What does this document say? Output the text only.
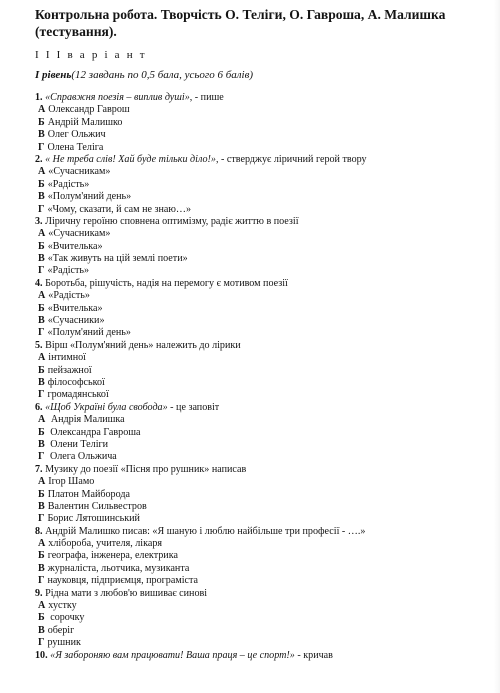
Контрольна робота. Творчість О. Теліги, О. Гавроша, А. Малишка (тестування).
І І І в а р і а н т
І рівень(12 завдань по 0,5 бала, усього 6 балів)
1. «Справжня поезія – виплив душі», - пише
А Олександр Гаврош
Б Андрій Малишко
В Олег Ольжич
Г Олена Теліга
2. « Не треба слів! Хай буде тільки діло!», - стверджує ліричний герой твору
А «Сучасникам»
Б «Радість»
В «Полум'яний день»
Г «Чому, сказати, й сам не знаю…»
3. Ліричну героїню сповнена оптимізму, радіє життю в поезії
А «Сучасникам»
Б «Вчителька»
В «Так живуть на цій землі поети»
Г «Радість»
4. Боротьба, рішучість, надія на перемогу є мотивом поезії
А «Радість»
Б «Вчителька»
В «Сучасники»
Г «Полум'яний день»
5. Вірш «Полум'яний день» належить до лірики
А інтимної
Б пейзажної
В філософської
Г громадянської
6. «Щоб Україні була свобода» - це заповіт
А Андрія Малишка
Б Олександра Гавроша
В Олени Теліги
Г Олега Ольжича
7. Музику до поезії «Пісня про рушник» написав
А Ігор Шамо
Б Платон Майборода
В Валентин Сильвестров
Г Борис Лятошинський
8. Андрій Малишко писав: «Я шаную і люблю найбільше три професії - ….»
А хлібороба, учителя, лікаря
Б географа, інженера, електрика
В журналіста, льотчика, музиканта
Г науковця, підприємця, програміста
9. Рідна мати з любов'ю вишиває синові
А хустку
Б сорочку
В оберіг
Г рушник
10. «Я забороняю вам працювати! Ваша праця – це спорт!» - кричав
